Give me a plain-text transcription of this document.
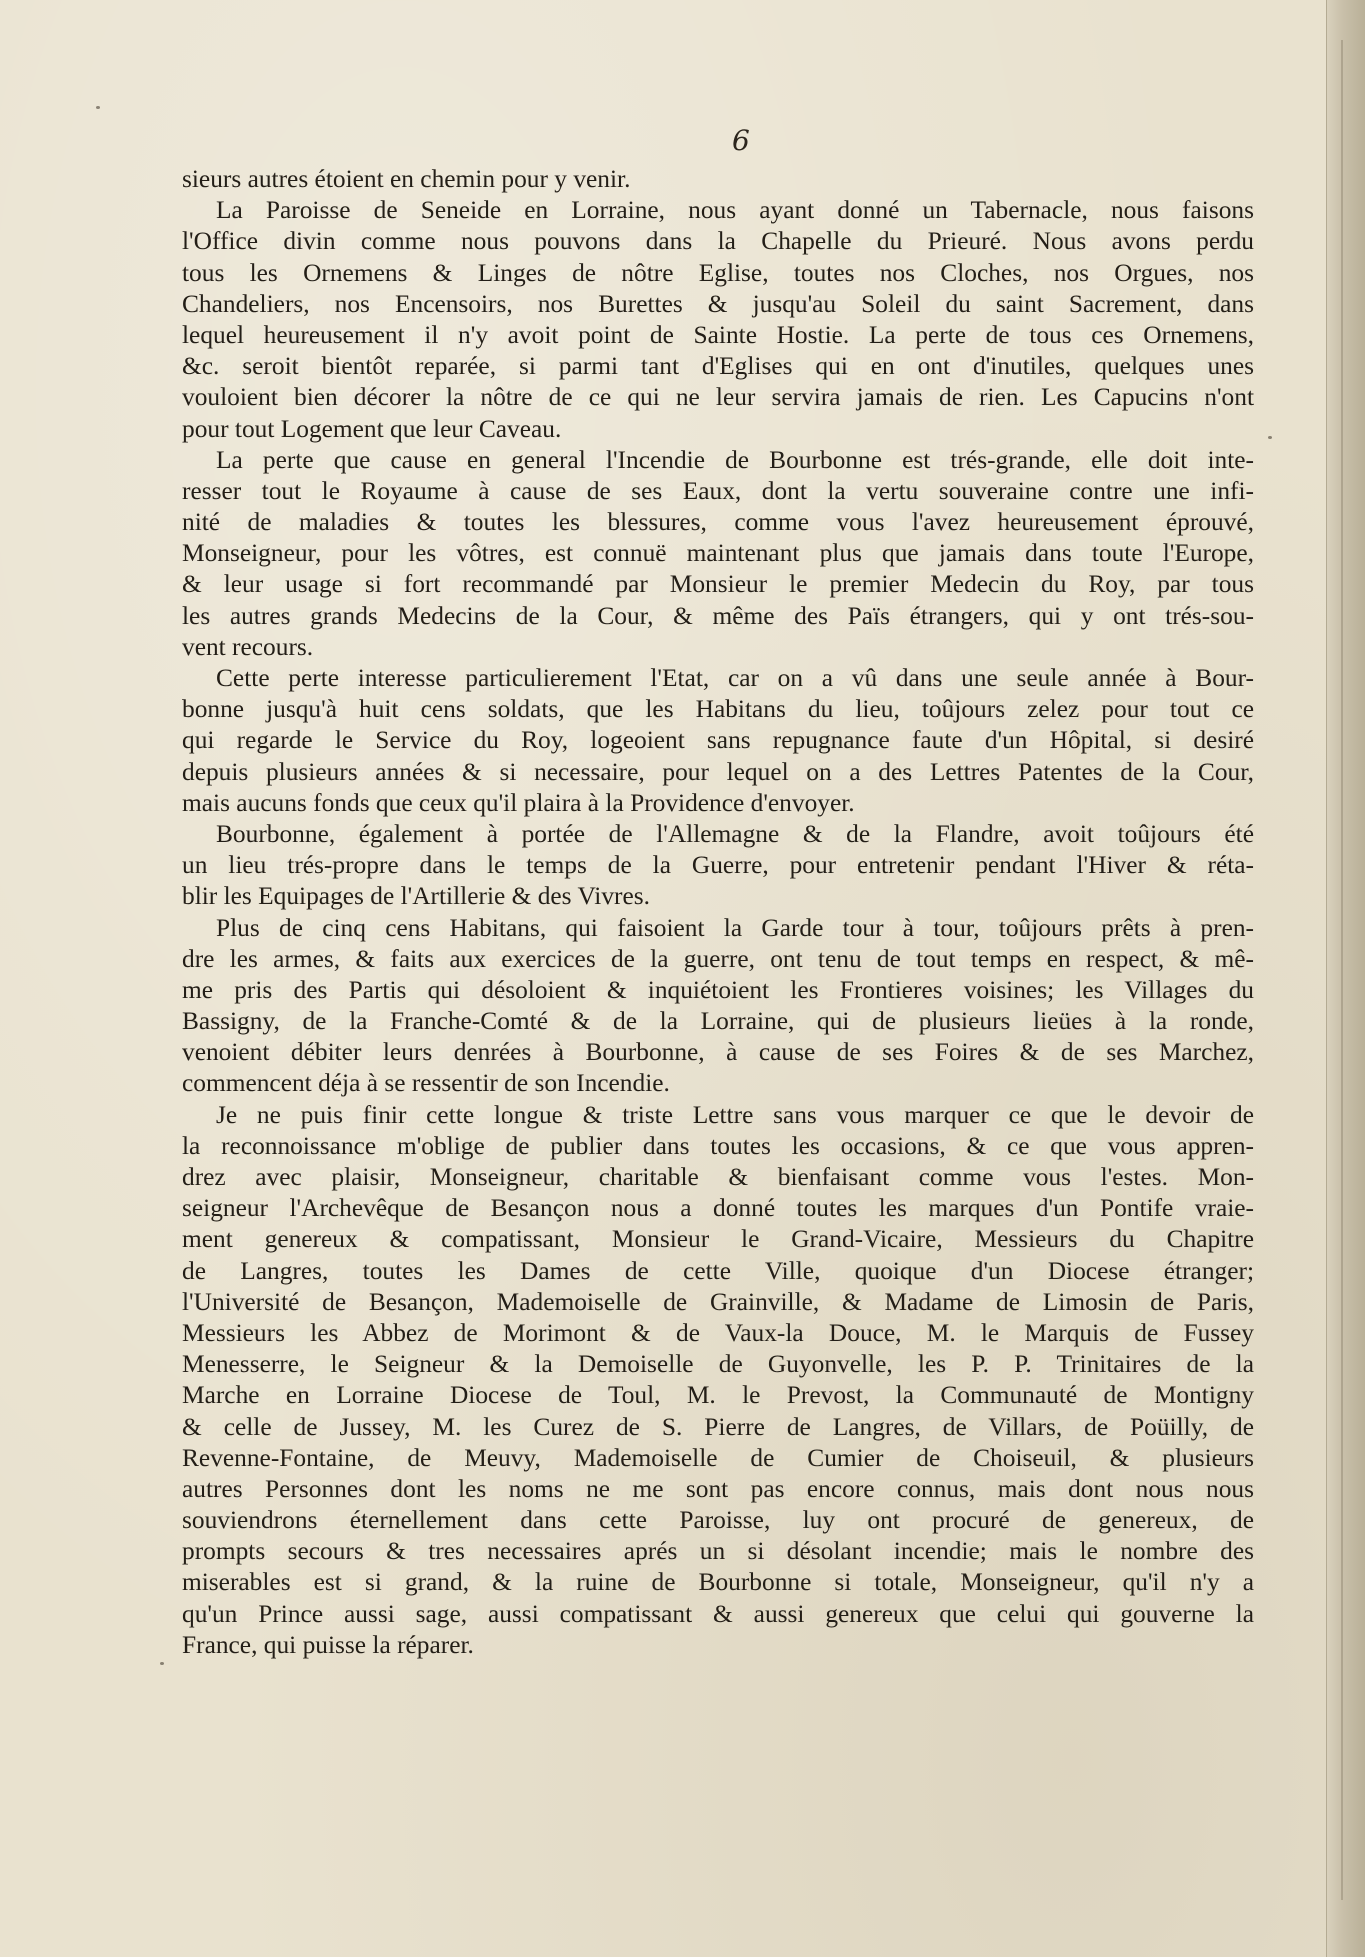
6
sieurs autres étoient en chemin pour y venir.
La Paroisse de Seneide en Lorraine, nous ayant donné un Tabernacle, nous faisons
l'Office divin comme nous pouvons dans la Chapelle du Prieuré. Nous avons perdu
tous les Ornemens & Linges de nôtre Eglise, toutes nos Cloches, nos Orgues, nos
Chandeliers, nos Encensoirs, nos Burettes & jusqu'au Soleil du saint Sacrement, dans
lequel heureusement il n'y avoit point de Sainte Hostie. La perte de tous ces Ornemens,
&c. seroit bientôt reparée, si parmi tant d'Eglises qui en ont d'inutiles, quelques unes
vouloient bien décorer la nôtre de ce qui ne leur servira jamais de rien. Les Capucins n'ont
pour tout Logement que leur Caveau.
La perte que cause en general l'Incendie de Bourbonne est trés-grande, elle doit inte-
resser tout le Royaume à cause de ses Eaux, dont la vertu souveraine contre une infi-
nité de maladies & toutes les blessures, comme vous l'avez heureusement éprouvé,
Monseigneur, pour les vôtres, est connuë maintenant plus que jamais dans toute l'Europe,
& leur usage si fort recommandé par Monsieur le premier Medecin du Roy, par tous
les autres grands Medecins de la Cour, & même des Païs étrangers, qui y ont trés-sou-
vent recours.
Cette perte interesse particulierement l'Etat, car on a vû dans une seule année à Bour-
bonne jusqu'à huit cens soldats, que les Habitans du lieu, toûjours zelez pour tout ce
qui regarde le Service du Roy, logeoient sans repugnance faute d'un Hôpital, si desiré
depuis plusieurs années & si necessaire, pour lequel on a des Lettres Patentes de la Cour,
mais aucuns fonds que ceux qu'il plaira à la Providence d'envoyer.
Bourbonne, également à portée de l'Allemagne & de la Flandre, avoit toûjours été
un lieu trés-propre dans le temps de la Guerre, pour entretenir pendant l'Hiver & réta-
blir les Equipages de l'Artillerie & des Vivres.
Plus de cinq cens Habitans, qui faisoient la Garde tour à tour, toûjours prêts à pren-
dre les armes, & faits aux exercices de la guerre, ont tenu de tout temps en respect, & mê-
me pris des Partis qui désoloient & inquiétoient les Frontieres voisines; les Villages du
Bassigny, de la Franche-Comté & de la Lorraine, qui de plusieurs lieües à la ronde,
venoient débiter leurs denrées à Bourbonne, à cause de ses Foires & de ses Marchez,
commencent déja à se ressentir de son Incendie.
Je ne puis finir cette longue & triste Lettre sans vous marquer ce que le devoir de
la reconnoissance m'oblige de publier dans toutes les occasions, & ce que vous appren-
drez avec plaisir, Monseigneur, charitable & bienfaisant comme vous l'estes. Mon-
seigneur l'Archevêque de Besançon nous a donné toutes les marques d'un Pontife vraie-
ment genereux & compatissant, Monsieur le Grand-Vicaire, Messieurs du Chapitre
de Langres, toutes les Dames de cette Ville, quoique d'un Diocese étranger;
l'Université de Besançon, Mademoiselle de Grainville, & Madame de Limosin de Paris,
Messieurs les Abbez de Morimont & de Vaux-la Douce, M. le Marquis de Fussey
Menesserre, le Seigneur & la Demoiselle de Guyonvelle, les P. P. Trinitaires de la
Marche en Lorraine Diocese de Toul, M. le Prevost, la Communauté de Montigny
& celle de Jussey, M. les Curez de S. Pierre de Langres, de Villars, de Poüilly, de
Revenne-Fontaine, de Meuvy, Mademoiselle de Cumier de Choiseuil, & plusieurs
autres Personnes dont les noms ne me sont pas encore connus, mais dont nous nous
souviendrons éternellement dans cette Paroisse, luy ont procuré de genereux, de
prompts secours & tres necessaires aprés un si désolant incendie; mais le nombre des
miserables est si grand, & la ruine de Bourbonne si totale, Monseigneur, qu'il n'y a
qu'un Prince aussi sage, aussi compatissant & aussi genereux que celui qui gouverne la
France, qui puisse la réparer.
